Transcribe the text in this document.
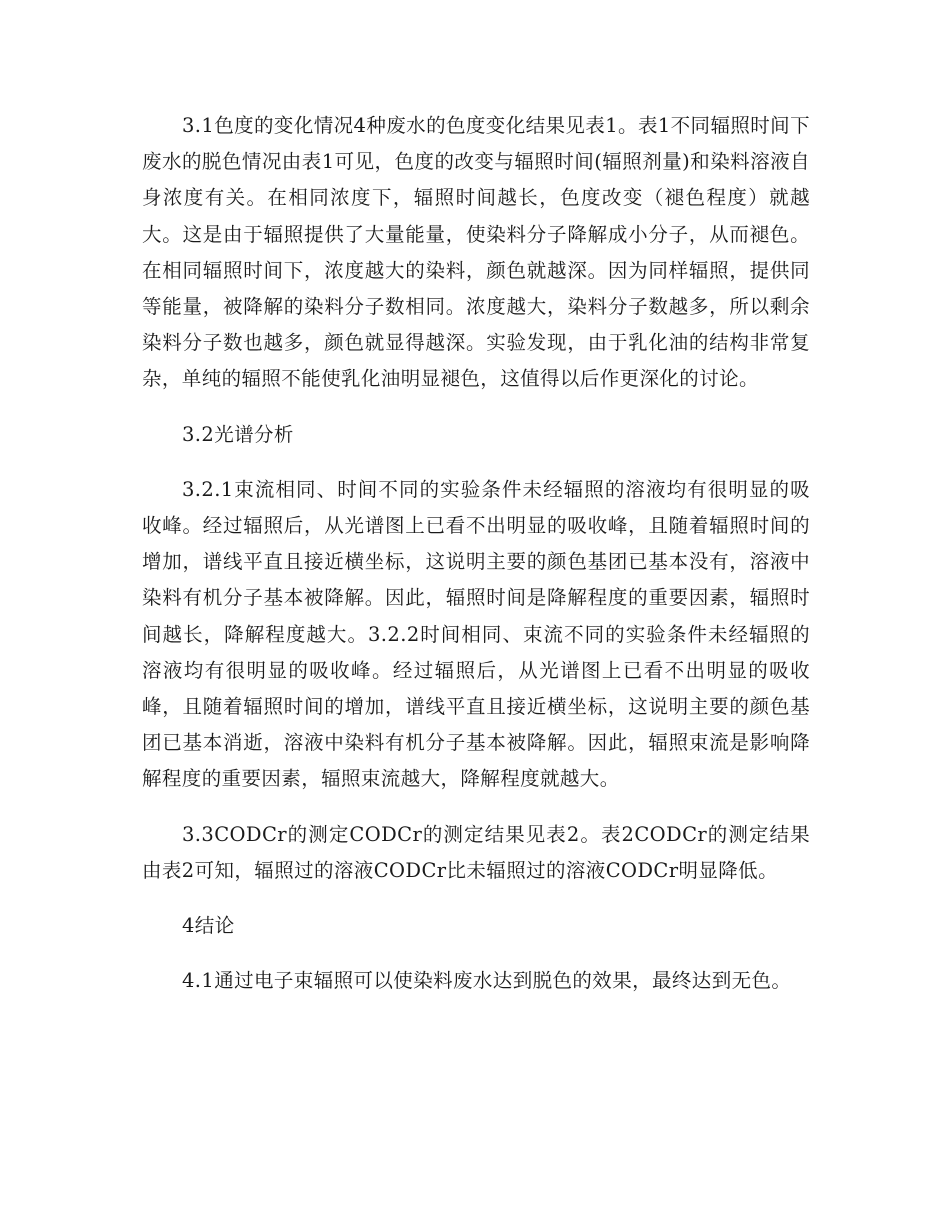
3.1色度的变化情况4种废水的色度变化结果见表1。表1不同辐照时间下废水的脱色情况由表1可见，色度的改变与辐照时间(辐照剂量)和染料溶液自身浓度有关。在相同浓度下，辐照时间越长，色度改变（褪色程度）就越大。这是由于辐照提供了大量能量，使染料分子降解成小分子，从而褪色。在相同辐照时间下，浓度越大的染料，颜色就越深。因为同样辐照，提供同等能量，被降解的染料分子数相同。浓度越大，染料分子数越多，所以剩余染料分子数也越多，颜色就显得越深。实验发现，由于乳化油的结构非常复杂，单纯的辐照不能使乳化油明显褪色，这值得以后作更深化的讨论。

3.2光谱分析

3.2.1束流相同、时间不同的实验条件未经辐照的溶液均有很明显的吸收峰。经过辐照后，从光谱图上已看不出明显的吸收峰，且随着辐照时间的增加，谱线平直且接近横坐标，这说明主要的颜色基团已基本没有，溶液中染料有机分子基本被降解。因此，辐照时间是降解程度的重要因素，辐照时间越长，降解程度越大。3.2.2时间相同、束流不同的实验条件未经辐照的溶液均有很明显的吸收峰。经过辐照后，从光谱图上已看不出明显的吸收峰，且随着辐照时间的增加，谱线平直且接近横坐标，这说明主要的颜色基团已基本消逝，溶液中染料有机分子基本被降解。因此，辐照束流是影响降解程度的重要因素，辐照束流越大，降解程度就越大。

3.3CODCr的测定CODCr的测定结果见表2。表2CODCr的测定结果由表2可知，辐照过的溶液CODCr比未辐照过的溶液CODCr明显降低。

4结论

4.1通过电子束辐照可以使染料废水达到脱色的效果，最终达到无色。
